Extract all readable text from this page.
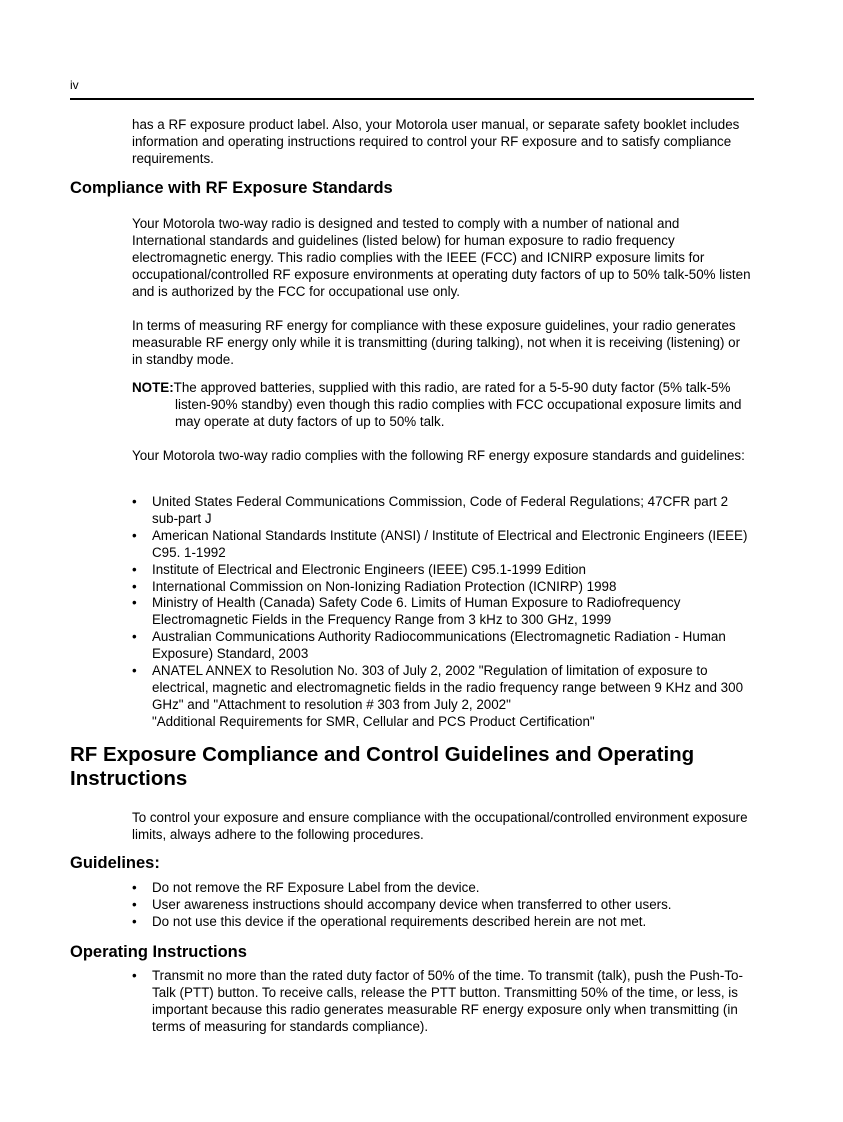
iv

has a RF exposure product label. Also, your Motorola user manual, or separate safety booklet includes information and operating instructions required to control your RF exposure and to satisfy compliance requirements.

Compliance with RF Exposure Standards

Your Motorola two-way radio is designed and tested to comply with a number of national and International standards and guidelines (listed below) for human exposure to radio frequency electromagnetic energy. This radio complies with the IEEE (FCC) and ICNIRP exposure limits for occupational/controlled RF exposure environments at operating duty factors of up to 50% talk-50% listen and is authorized by the FCC for occupational use only.

In terms of measuring RF energy for compliance with these exposure guidelines, your radio generates measurable RF energy only while it is transmitting (during talking), not when it is receiving (listening) or in standby mode.

NOTE:The approved batteries, supplied with this radio, are rated for a 5-5-90 duty factor (5% talk-5% listen-90% standby) even though this radio complies with FCC occupational exposure limits and may operate at duty factors of up to 50% talk.

Your Motorola two-way radio complies with the following RF energy exposure standards and guidelines:

• United States Federal Communications Commission, Code of Federal Regulations; 47CFR part 2 sub-part J
• American National Standards Institute (ANSI) / Institute of Electrical and Electronic Engineers (IEEE) C95. 1-1992
• Institute of Electrical and Electronic Engineers (IEEE) C95.1-1999 Edition
• International Commission on Non-Ionizing Radiation Protection (ICNIRP) 1998
• Ministry of Health (Canada) Safety Code 6. Limits of Human Exposure to Radiofrequency Electromagnetic Fields in the Frequency Range from 3 kHz to 300 GHz, 1999
• Australian Communications Authority Radiocommunications (Electromagnetic Radiation - Human Exposure) Standard, 2003
• ANATEL ANNEX to Resolution No. 303 of July 2, 2002 "Regulation of limitation of exposure to electrical, magnetic and electromagnetic fields in the radio frequency range between 9 KHz and 300 GHz" and "Attachment to resolution # 303 from July 2, 2002"
"Additional Requirements for SMR, Cellular and PCS Product Certification"
RF Exposure Compliance and Control Guidelines and Operating Instructions

To control your exposure and ensure compliance with the occupational/controlled environment exposure limits, always adhere to the following procedures.

Guidelines:
• Do not remove the RF Exposure Label from the device.
• User awareness instructions should accompany device when transferred to other users.
• Do not use this device if the operational requirements described herein are not met.
Operating Instructions
• Transmit no more than the rated duty factor of 50% of the time. To transmit (talk), push the Push-To-Talk (PTT) button. To receive calls, release the PTT button. Transmitting 50% of the time, or less, is important because this radio generates measurable RF energy exposure only when transmitting (in terms of measuring for standards compliance).
